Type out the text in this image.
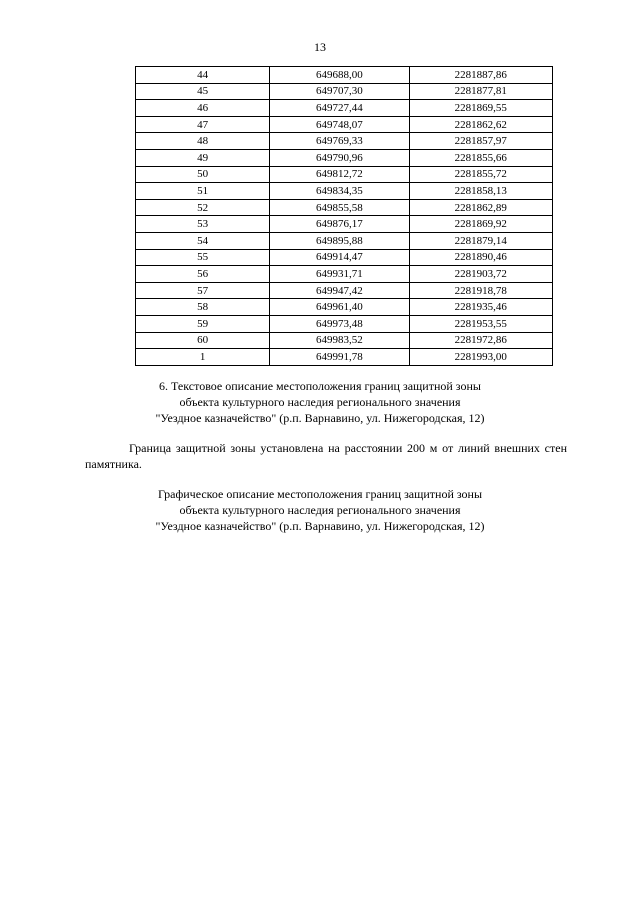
13
44	649688,00	2281887,86
45	649707,30	2281877,81
46	649727,44	2281869,55
47	649748,07	2281862,62
48	649769,33	2281857,97
49	649790,96	2281855,66
50	649812,72	2281855,72
51	649834,35	2281858,13
52	649855,58	2281862,89
53	649876,17	2281869,92
54	649895,88	2281879,14
55	649914,47	2281890,46
56	649931,71	2281903,72
57	649947,42	2281918,78
58	649961,40	2281935,46
59	649973,48	2281953,55
60	649983,52	2281972,86
1	649991,78	2281993,00
6. Текстовое описание местоположения границ защитной зоны
объекта культурного наследия регионального значения
"Уездное казначейство" (р.п. Варнавино, ул. Нижегородская, 12)
Граница защитной зоны установлена на расстоянии 200 м от линий внешних стен
памятника.
Графическое описание местоположения границ защитной зоны
объекта культурного наследия регионального значения
"Уездное казначейство" (р.п. Варнавино, ул. Нижегородская, 12)
